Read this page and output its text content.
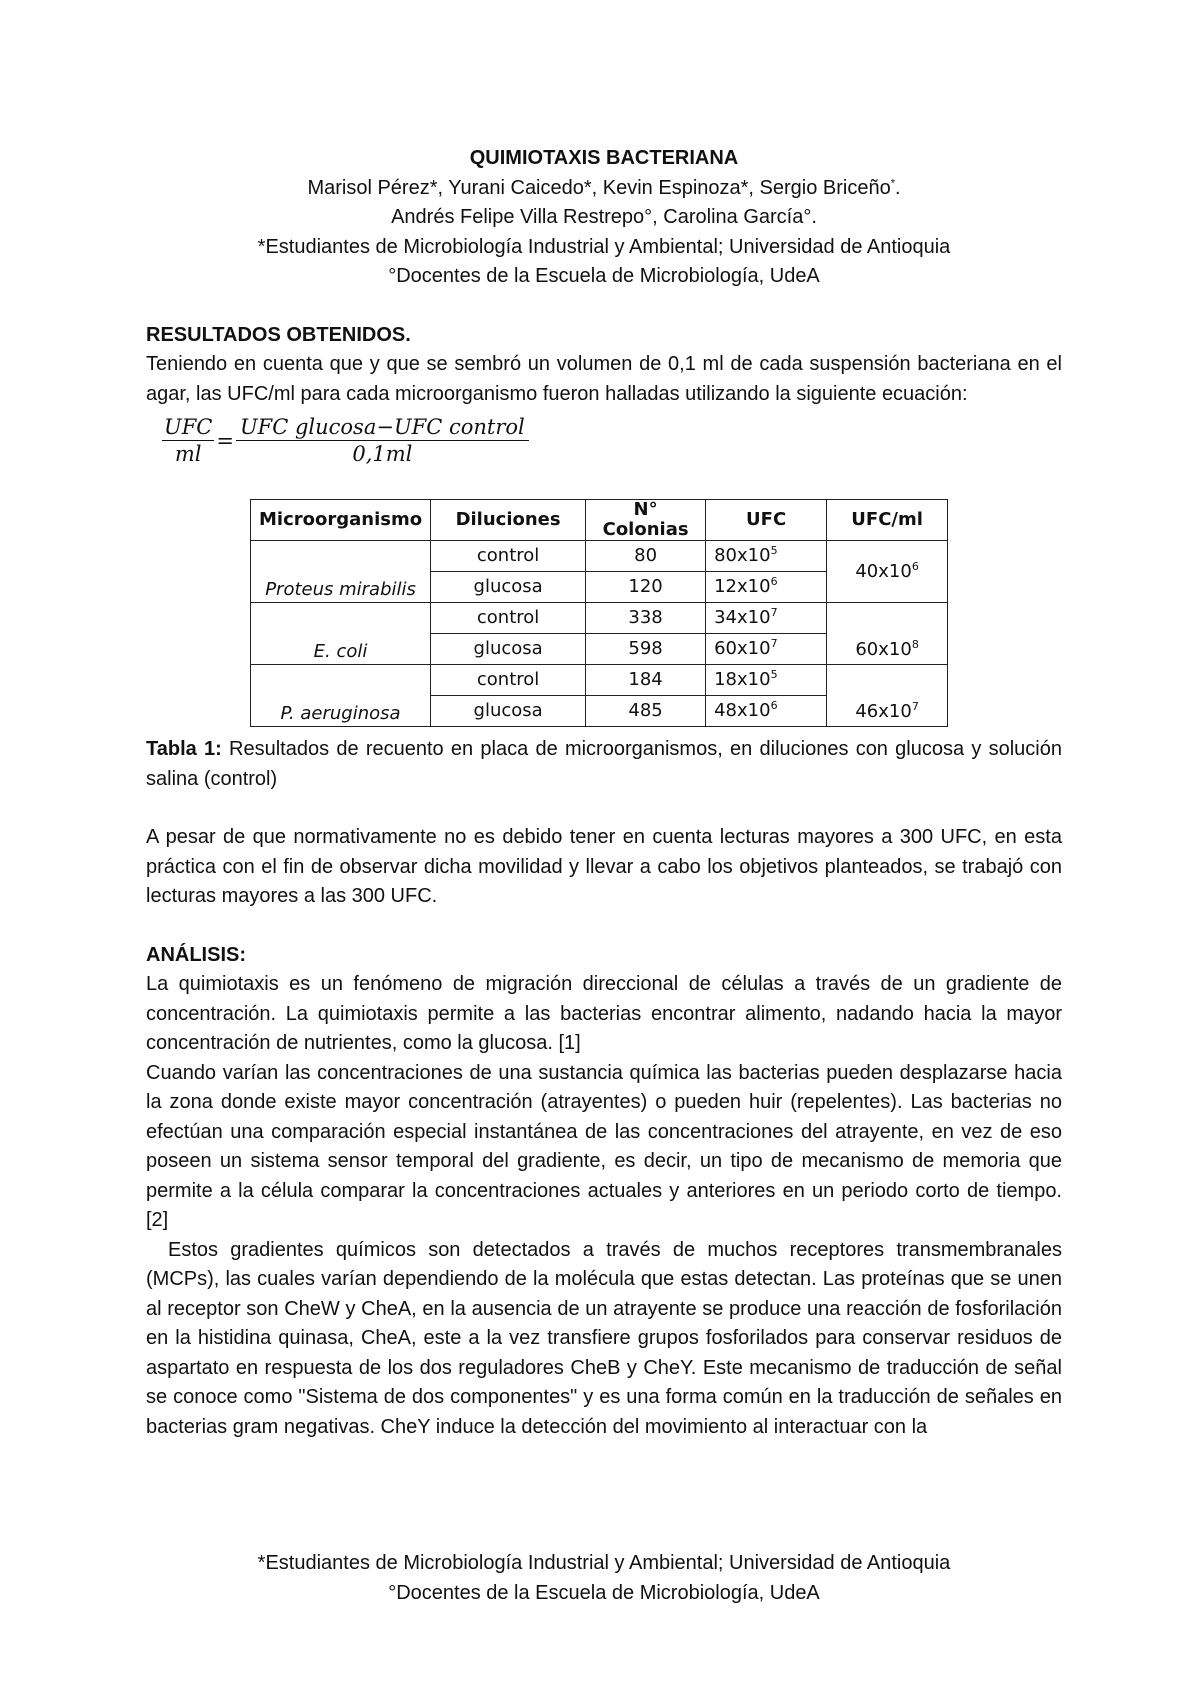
QUIMIOTAXIS BACTERIANA
Marisol Pérez*, Yurani Caicedo*, Kevin Espinoza*, Sergio Briceño*.
Andrés Felipe Villa Restrepo°, Carolina García°.
*Estudiantes de Microbiología Industrial y Ambiental; Universidad de Antioquia
°Docentes de la Escuela de Microbiología, UdeA
RESULTADOS OBTENIDOS.
Teniendo en cuenta que y que se sembró un volumen de 0,1 ml de cada suspensión bacteriana en el agar, las UFC/ml para cada microorganismo fueron halladas utilizando la siguiente ecuación:
$\frac{\text{UFC}}{ml} = \frac{\text{UFC glucosa−UFC control}}{0,1ml}$
Microorganismo	Diluciones	N° Colonias	UFC	UFC/ml
Proteus mirabilis	control	80	$80x10^5$	$40x10^6$
	glucosa	120	$12x10^6$
E. coli	control	338	$34x10^7$	$60x10^8$
	glucosa	598	$60x10^7$
P. aeruginosa	control	184	$18x10^5$	$46x10^7$
	glucosa	485	$48x10^6$
Tabla 1: Resultados de recuento en placa de microorganismos, en diluciones con glucosa y solución salina (control)
A pesar de que normativamente no es debido tener en cuenta lecturas mayores a 300 UFC, en esta práctica con el fin de observar dicha movilidad y llevar a cabo los objetivos planteados, se trabajó con lecturas mayores a las 300 UFC.
ANÁLISIS:
La quimiotaxis es un fenómeno de migración direccional de células a través de un gradiente de concentración. La quimiotaxis permite a las bacterias encontrar alimento, nadando hacia la mayor concentración de nutrientes, como la glucosa. [1]
Cuando varían las concentraciones de una sustancia química las bacterias pueden desplazarse hacia la zona donde existe mayor concentración (atrayentes) o pueden huir (repelentes). Las bacterias no efectúan una comparación especial instantánea de las concentraciones del atrayente, en vez de eso poseen un sistema sensor temporal del gradiente, es decir, un tipo de mecanismo de memoria que permite a la célula comparar la concentraciones actuales y anteriores en un periodo corto de tiempo. [2]
Estos gradientes químicos son detectados a través de muchos receptores transmembranales (MCPs), las cuales varían dependiendo de la molécula que estas detectan. Las proteínas que se unen al receptor son CheW y CheA, en la ausencia de un atrayente se produce una reacción de fosforilación en la histidina quinasa, CheA, este a la vez transfiere grupos fosforilados para conservar residuos de aspartato en respuesta de los dos reguladores CheB y CheY. Este mecanismo de traducción de señal se conoce como "Sistema de dos componentes" y es una forma común en la traducción de señales en bacterias gram negativas. CheY induce la detección del movimiento al interactuar con la
*Estudiantes de Microbiología Industrial y Ambiental; Universidad de Antioquia
°Docentes de la Escuela de Microbiología, UdeA
